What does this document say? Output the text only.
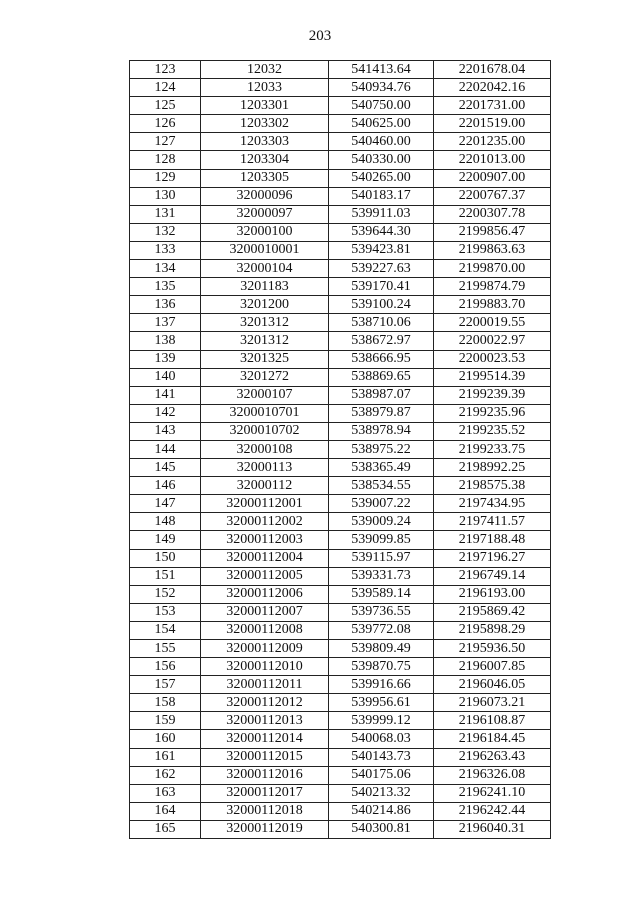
203
123	12032	541413.64	2201678.04
124	12033	540934.76	2202042.16
125	1203301	540750.00	2201731.00
126	1203302	540625.00	2201519.00
127	1203303	540460.00	2201235.00
128	1203304	540330.00	2201013.00
129	1203305	540265.00	2200907.00
130	32000096	540183.17	2200767.37
131	32000097	539911.03	2200307.78
132	32000100	539644.30	2199856.47
133	3200010001	539423.81	2199863.63
134	32000104	539227.63	2199870.00
135	3201183	539170.41	2199874.79
136	3201200	539100.24	2199883.70
137	3201312	538710.06	2200019.55
138	3201312	538672.97	2200022.97
139	3201325	538666.95	2200023.53
140	3201272	538869.65	2199514.39
141	32000107	538987.07	2199239.39
142	3200010701	538979.87	2199235.96
143	3200010702	538978.94	2199235.52
144	32000108	538975.22	2199233.75
145	32000113	538365.49	2198992.25
146	32000112	538534.55	2198575.38
147	32000112001	539007.22	2197434.95
148	32000112002	539009.24	2197411.57
149	32000112003	539099.85	2197188.48
150	32000112004	539115.97	2197196.27
151	32000112005	539331.73	2196749.14
152	32000112006	539589.14	2196193.00
153	32000112007	539736.55	2195869.42
154	32000112008	539772.08	2195898.29
155	32000112009	539809.49	2195936.50
156	32000112010	539870.75	2196007.85
157	32000112011	539916.66	2196046.05
158	32000112012	539956.61	2196073.21
159	32000112013	539999.12	2196108.87
160	32000112014	540068.03	2196184.45
161	32000112015	540143.73	2196263.43
162	32000112016	540175.06	2196326.08
163	32000112017	540213.32	2196241.10
164	32000112018	540214.86	2196242.44
165	32000112019	540300.81	2196040.31
